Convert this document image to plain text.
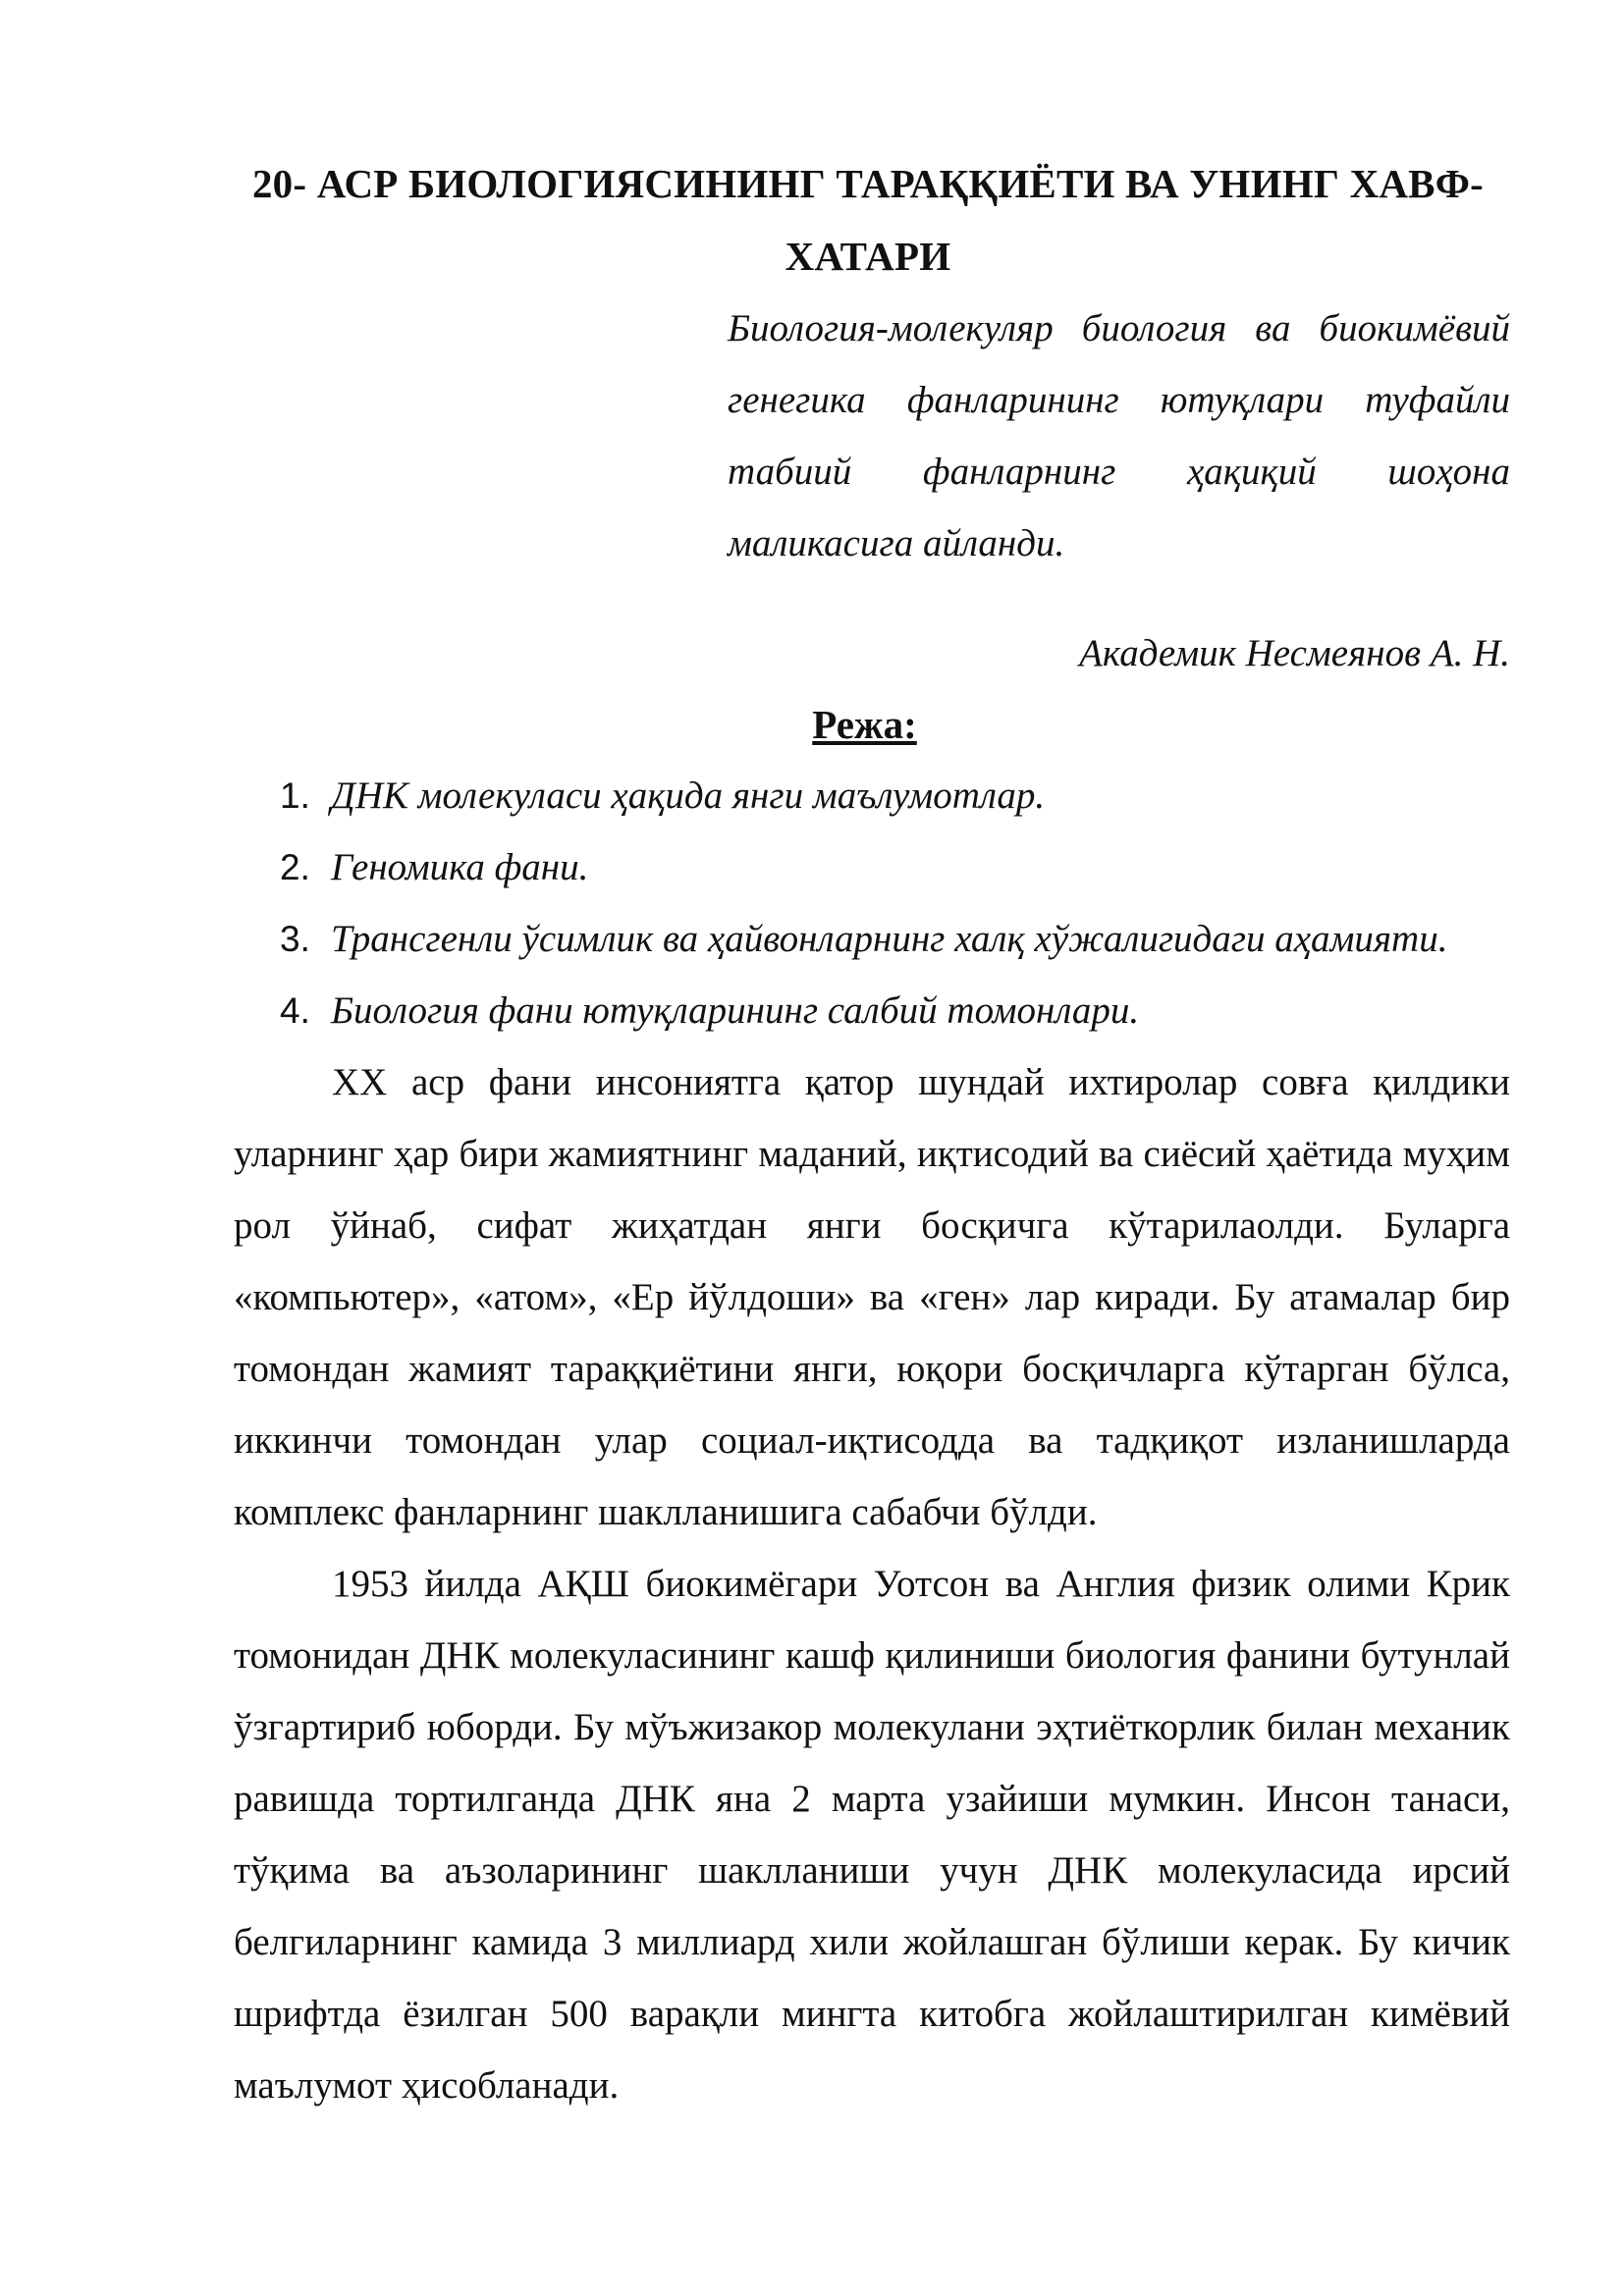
20- АСР БИОЛОГИЯСИНИНГ ТАРАҚҚИЁТИ ВА УНИНГ ХАВФ-ХАТАРИ

Биология-молекуляр биология ва биокимёвий генегика фанларининг ютуқлари туфайли табиий фанларнинг ҳақиқий шоҳона маликасига айланди.

Академик Несмеянов А. Н.

Режа:
1. ДНК молекуласи ҳақида янги маълумотлар.
2. Геномика фани.
3. Трансгенли ўсимлик ва ҳайвонларнинг халқ хўжалигидаги аҳамияти.
4. Биология фани ютуқларининг салбий томонлари.

XX аср фани инсониятга қатор шундай ихтиролар совға қилдики уларнинг ҳар бири жамиятнинг маданий, иқтисодий ва сиёсий ҳаётида муҳим рол ўйнаб, сифат жиҳатдан янги босқичга кўтарилаолди. Буларга «компьютер», «атом», «Ер йўлдоши» ва «ген» лар киради. Бу атамалар бир томондан жамият тараққиётини янги, юқори босқичларга кўтарган бўлса, иккинчи томондан улар социал-иқтисодда ва тадқиқот изланишларда комплекс фанларнинг шаклланишига сабабчи бўлди.

1953 йилда АҚШ биокимёгари Уотсон ва Англия физик олими Крик томонидан ДНК молекуласининг кашф қилиниши биология фанини бутунлай ўзгартириб юборди. Бу мўъжизакор молекулани эҳтиёткорлик билан механик равишда тортилганда ДНК яна 2 марта узайиши мумкин. Инсон танаси, тўқима ва аъзоларининг шаклланиши учун ДНК молекуласида ирсий белгиларнинг камида 3 миллиард хили жойлашган бўлиши керак. Бу кичик шрифтда ёзилган 500 варақли мингта китобга жойлаштирилган кимёвий маълумот ҳисобланади.
